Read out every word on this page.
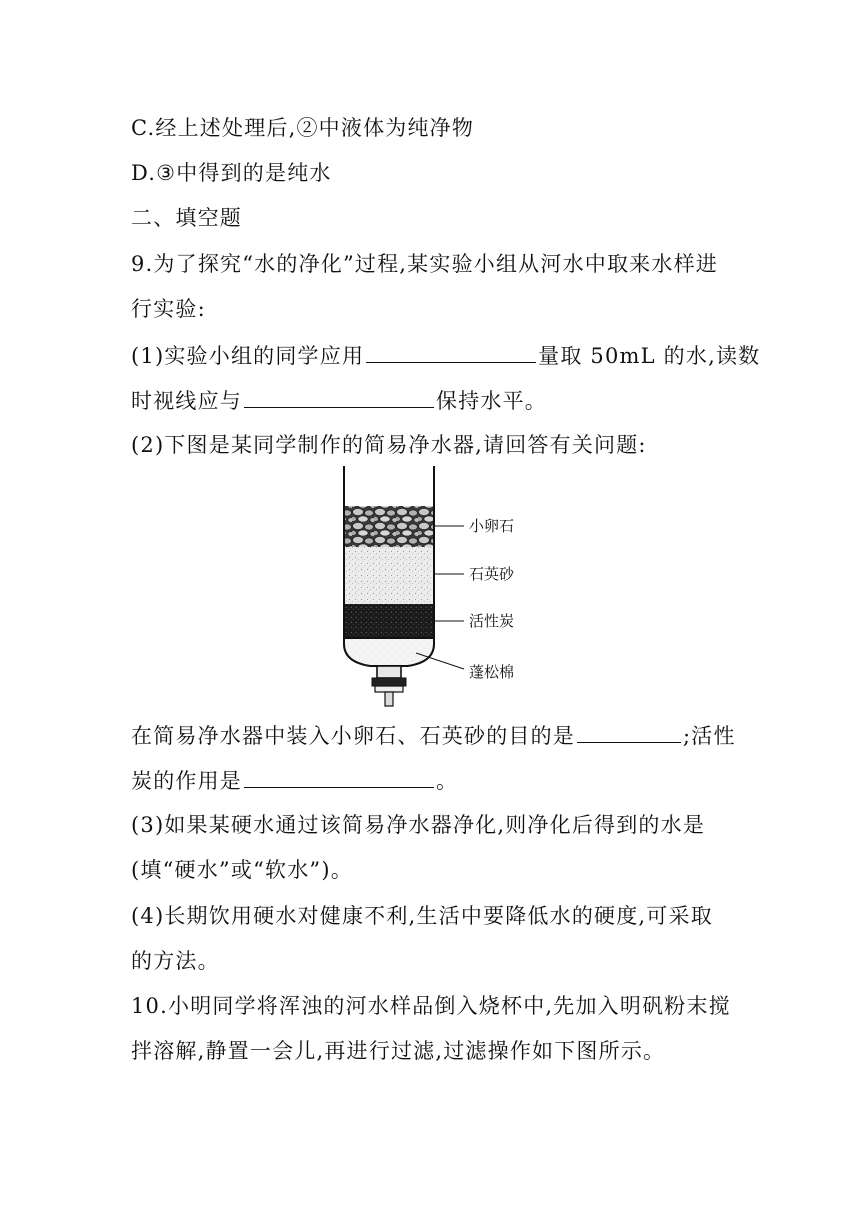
C.经上述处理后,②中液体为纯净物
D.③中得到的是纯水
二、填空题
9.为了探究“水的净化”过程,某实验小组从河水中取来水样进
行实验:
(1)实验小组的同学应用	量取 50mL 的水,读数
时视线应与	保持水平。
(2)下图是某同学制作的简易净水器,请回答有关问题:
小卵石
石英砂
活性炭
蓬松棉
在简易净水器中装入小卵石、石英砂的目的是	;活性
炭的作用是	。
(3)如果某硬水通过该简易净水器净化,则净化后得到的水是
(填“硬水”或“软水”)。
(4)长期饮用硬水对健康不利,生活中要降低水的硬度,可采取
的方法。
10.小明同学将浑浊的河水样品倒入烧杯中,先加入明矾粉末搅
拌溶解,静置一会儿,再进行过滤,过滤操作如下图所示。
